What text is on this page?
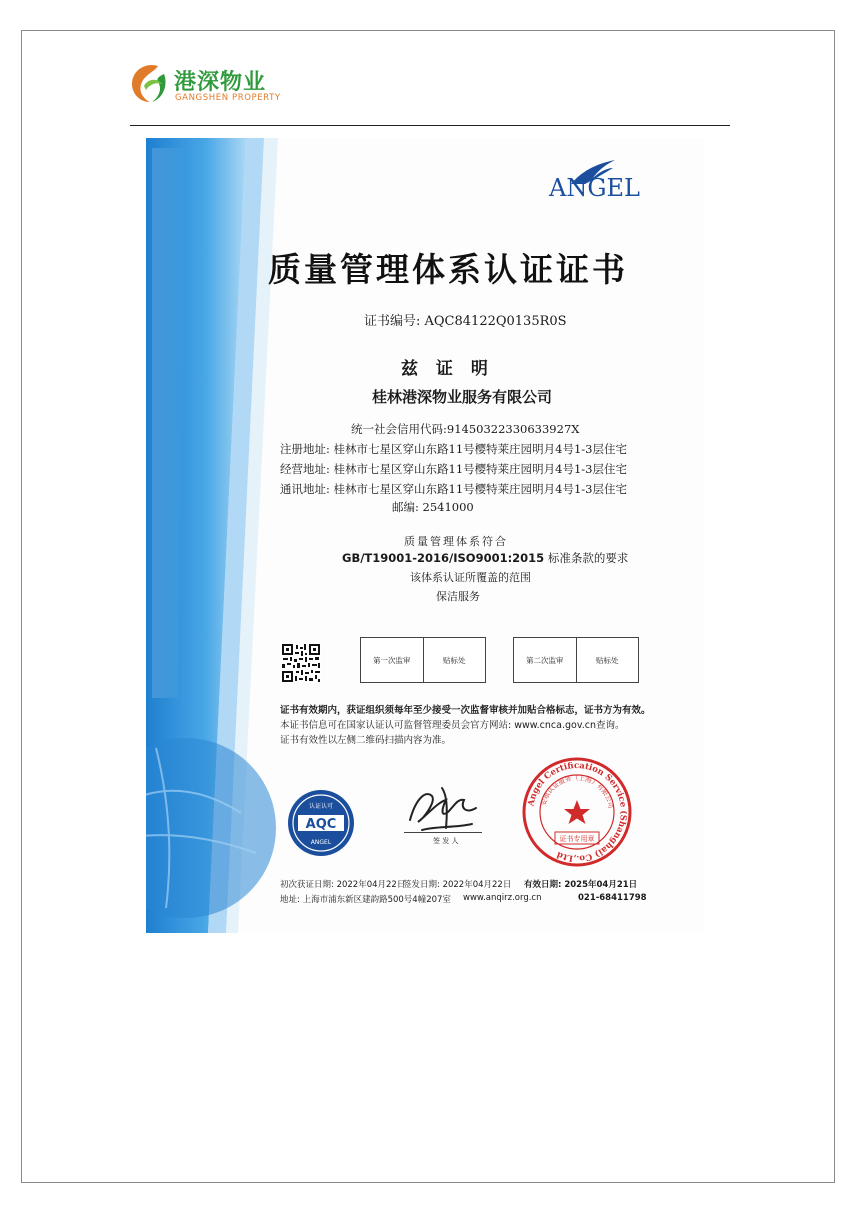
港深物业
GANGSHEN PROPERTY
ANGEL
质量管理体系认证证书
证书编号: AQC84122Q0135R0S
兹 证 明
桂林港深物业服务有限公司
统一社会信用代码:91450322330633927X
注册地址: 桂林市七星区穿山东路11号樱特莱庄园明月4号1-3层住宅
经营地址: 桂林市七星区穿山东路11号樱特莱庄园明月4号1-3层住宅
通讯地址: 桂林市七星区穿山东路11号樱特莱庄园明月4号1-3层住宅
邮编: 2541000
质量管理体系符合
GB/T19001-2016/ISO9001:2015 标准条款的要求
该体系认证所覆盖的范围
保洁服务
第一次监审	贴标处	第二次监审	贴标处
证书有效期内，获证组织须每年至少接受一次监督审核并加贴合格标志，证书方为有效。
本证书信息可在国家认证认可监督管理委员会官方网站: www.cnca.gov.cn查询。
证书有效性以左侧二维码扫描内容为准。
AQC
认证认可
ANGEL	签 发 人
Angel Certification Service (Shanghai) Co.,Ltd
安琪认证服务（上海）有限公司
证书专用章
初次获证日期: 2022年04月22日
签发日期: 2022年04月22日 有效日期: 2025年04月21日
地址: 上海市浦东新区建韵路500号4幢207室 www.anqirz.org.cn	021-68411798
